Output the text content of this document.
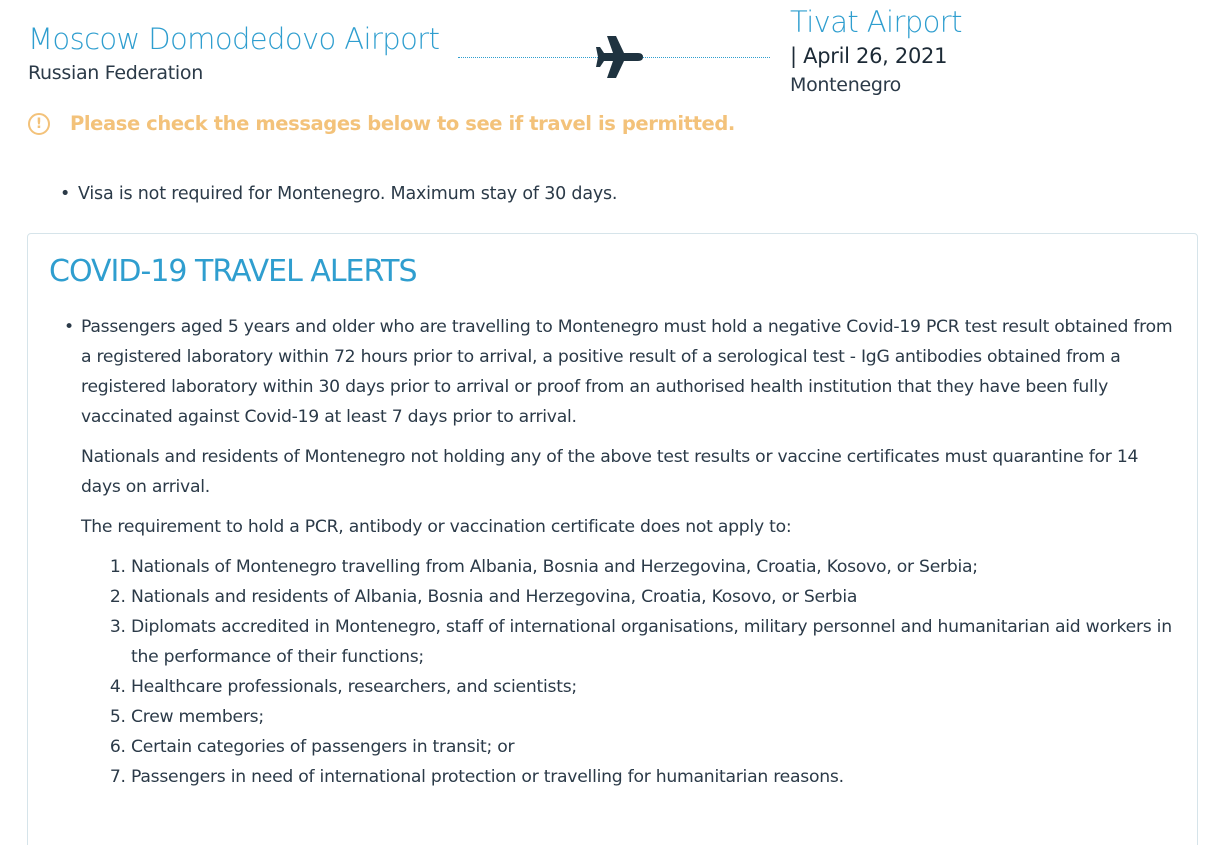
Moscow Domodedovo Airport
Russian Federation
Tivat Airport
| April 26, 2021
Montenegro
!	Please check the messages below to see if travel is permitted.
• Visa is not required for Montenegro. Maximum stay of 30 days.
COVID-19 TRAVEL ALERTS
• Passengers aged 5 years and older who are travelling to Montenegro must hold a negative Covid-19 PCR test result obtained from a registered laboratory within 72 hours prior to arrival, a positive result of a serological test - IgG antibodies obtained from a registered laboratory within 30 days prior to arrival or proof from an authorised health institution that they have been fully vaccinated against Covid-19 at least 7 days prior to arrival.

Nationals and residents of Montenegro not holding any of the above test results or vaccine certificates must quarantine for 14 days on arrival.

The requirement to hold a PCR, antibody or vaccination certificate does not apply to:

1. Nationals of Montenegro travelling from Albania, Bosnia and Herzegovina, Croatia, Kosovo, or Serbia;
2. Nationals and residents of Albania, Bosnia and Herzegovina, Croatia, Kosovo, or Serbia
3. Diplomats accredited in Montenegro, staff of international organisations, military personnel and humanitarian aid workers in the performance of their functions;
4. Healthcare professionals, researchers, and scientists;
5. Crew members;
6. Certain categories of passengers in transit; or
7. Passengers in need of international protection or travelling for humanitarian reasons.
